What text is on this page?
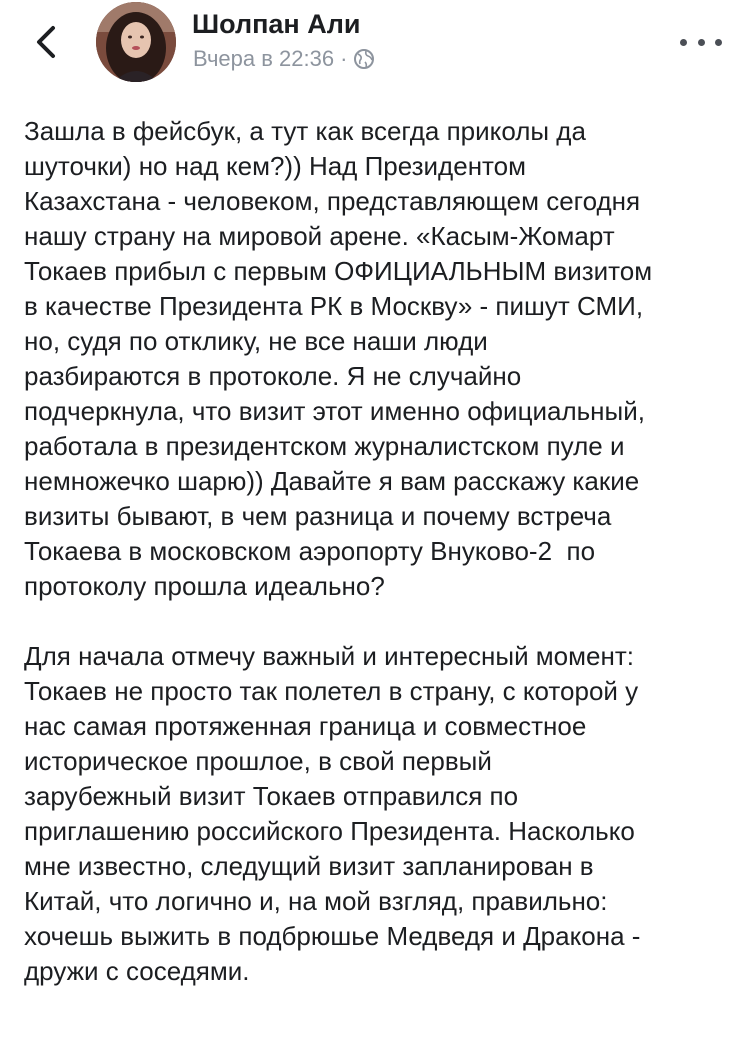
Шолпан Али
Вчера в 22:36 ·

Зашла в фейсбук, а тут как всегда приколы да

шуточки) но над кем?)) Над Президентом

Казахстана - человеком, представляющем сегодня

нашу страну на мировой арене. «Касым-Жомарт

Токаев прибыл с первым ОФИЦИАЛЬНЫМ визитом

в качестве Президента РК в Москву» - пишут СМИ,

но, судя по отклику, не все наши люди

разбираются в протоколе. Я не случайно

подчеркнула, что визит этот именно официальный,

работала в президентском журналистском пуле и

немножечко шарю)) Давайте я вам расскажу какие

визиты бывают, в чем разница и почему встреча

Токаева в московском аэропорту Внуково-2  по

протоколу прошла идеально?

Для начала отмечу важный и интересный момент:

Токаев не просто так полетел в страну, с которой у

нас самая протяженная граница и совместное

историческое прошлое, в свой первый

зарубежный визит Токаев отправился по

приглашению российского Президента. Насколько

мне известно, следущий визит запланирован в

Китай, что логично и, на мой взгляд, правильно:

хочешь выжить в подбрюшье Медведя и Дракона -

дружи с соседями.
